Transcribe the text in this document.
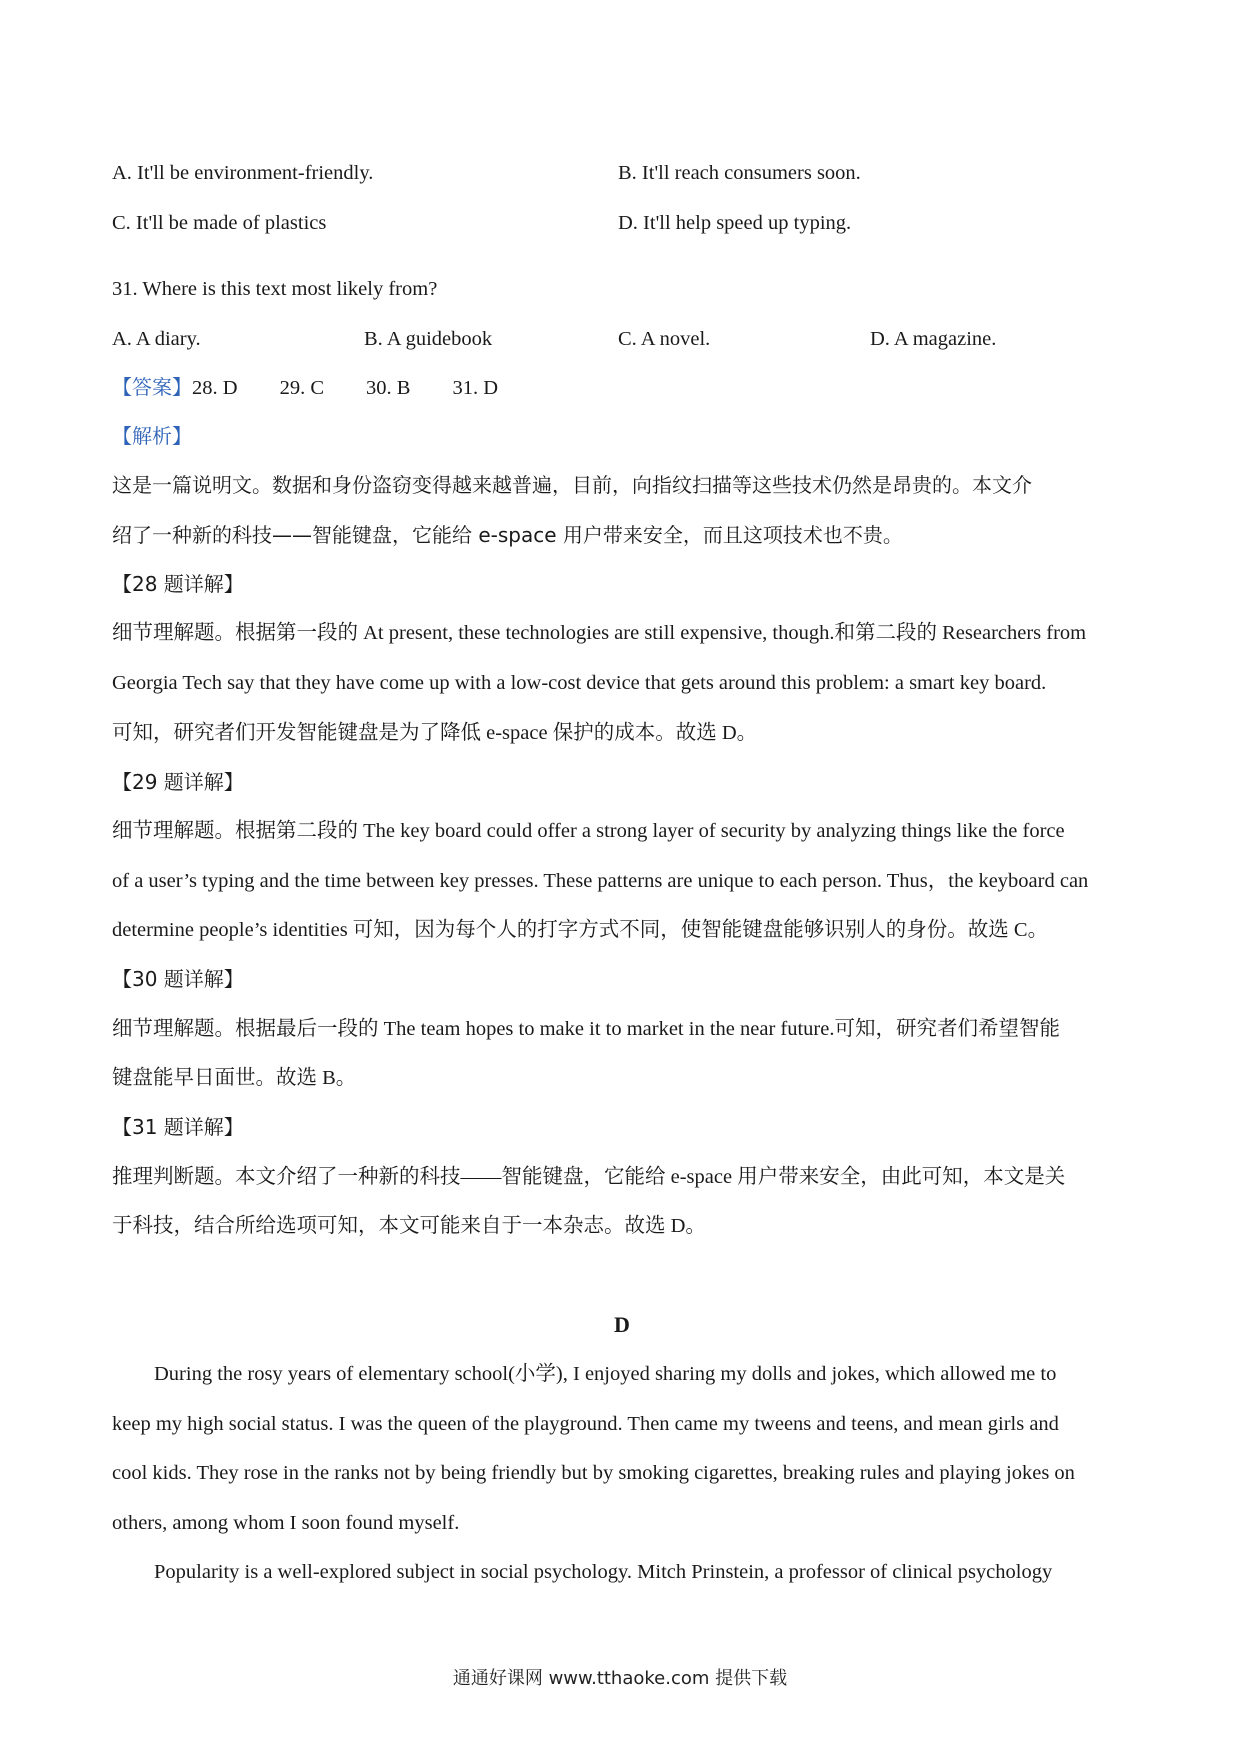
A. It'll be environment-friendly.	B. It'll reach consumers soon.
C. It'll be made of plastics	D. It'll help speed up typing.
31. Where is this text most likely from?
A. A diary.	B. A guidebook	C. A novel.	D. A magazine.
【答案】28. D 29. C 30. B 31. D
【解析】
这是一篇说明文。数据和身份盗窃变得越来越普遍，目前，向指纹扫描等这些技术仍然是昂贵的。本文介
绍了一种新的科技——智能键盘，它能给 e-space 用户带来安全，而且这项技术也不贵。
【28 题详解】
细节理解题。根据第一段的 At present, these technologies are still expensive, though.和第二段的 Researchers from
Georgia Tech say that they have come up with a low-cost device that gets around this problem: a smart key board.
可知，研究者们开发智能键盘是为了降低 e-space 保护的成本。故选 D。
【29 题详解】
细节理解题。根据第二段的 The key board could offer a strong layer of security by analyzing things like the force
of a user’s typing and the time between key presses. These patterns are unique to each person. Thus，the keyboard can
determine people’s identities 可知，因为每个人的打字方式不同，使智能键盘能够识别人的身份。故选 C。
【30 题详解】
细节理解题。根据最后一段的 The team hopes to make it to market in the near future.可知，研究者们希望智能
键盘能早日面世。故选 B。
【31 题详解】
推理判断题。本文介绍了一种新的科技——智能键盘，它能给 e-space 用户带来安全，由此可知，本文是关
于科技，结合所给选项可知，本文可能来自于一本杂志。故选 D。
D
During the rosy years of elementary school(小学), I enjoyed sharing my dolls and jokes, which allowed me to
keep my high social status. I was the queen of the playground. Then came my tweens and teens, and mean girls and
cool kids. They rose in the ranks not by being friendly but by smoking cigarettes, breaking rules and playing jokes on
others, among whom I soon found myself.
Popularity is a well-explored subject in social psychology. Mitch Prinstein, a professor of clinical psychology
通通好课网 www.tthaoke.com 提供下载
